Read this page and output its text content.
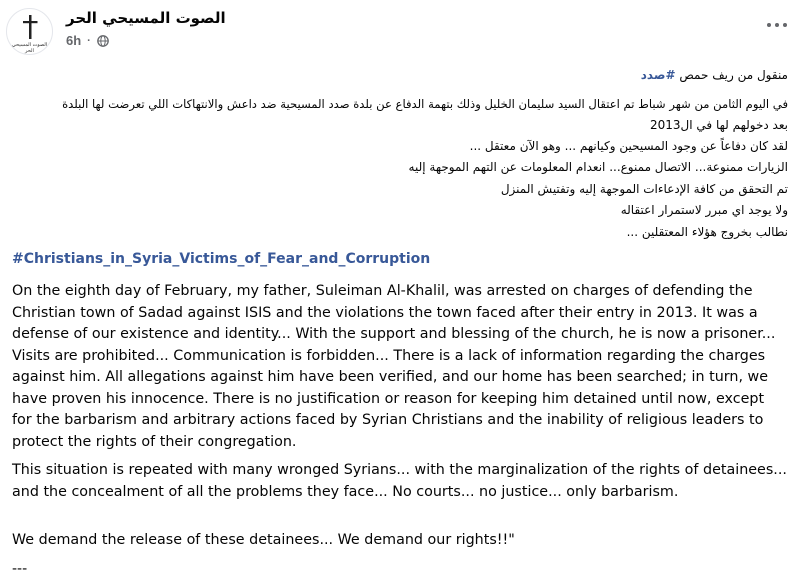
الصوت المسيحي الحر
الصوت المسيحي الحر
6h ·
منقول من ريف حمص #صدد
في اليوم الثامن من شهر شباط تم اعتقال السيد سليمان الخليل وذلك بتهمة الدفاع عن بلدة صدد المسيحية ضد داعش والانتهاكات اللي تعرضت لها البلدة
بعد دخولهم لها في ال2013
لقد كان دفاعاً عن وجود المسيحين وكيانهم ... وهو الآن معتقل ...
الزيارات ممنوعة... الاتصال ممنوع... انعدام المعلومات عن التهم الموجهة إليه
تم التحقق من كافة الإدعاءات الموجهة إليه وتفتيش المنزل
ولا يوجد اي مبرر لاستمرار اعتقاله
نطالب بخروج هؤلاء المعتقلين ...
#Christians_in_Syria_Victims_of_Fear_and_Corruption

On the eighth day of February, my father, Suleiman Al-Khalil, was arrested on charges of defending the Christian town of Sadad against ISIS and the violations the town faced after their entry in 2013. It was a defense of our existence and identity... With the support and blessing of the church, he is now a prisoner... Visits are prohibited... Communication is forbidden... There is a lack of information regarding the charges against him. All allegations against him have been verified, and our home has been searched; in turn, we have proven his innocence. There is no justification or reason for keeping him detained until now, except for the barbarism and arbitrary actions faced by Syrian Christians and the inability of religious leaders to protect the rights of their congregation.

This situation is repeated with many wronged Syrians... with the marginalization of the rights of detainees... and the concealment of all the problems they face... No courts... no justice... only barbarism.

We demand the release of these detainees... We demand our rights!!"

---
